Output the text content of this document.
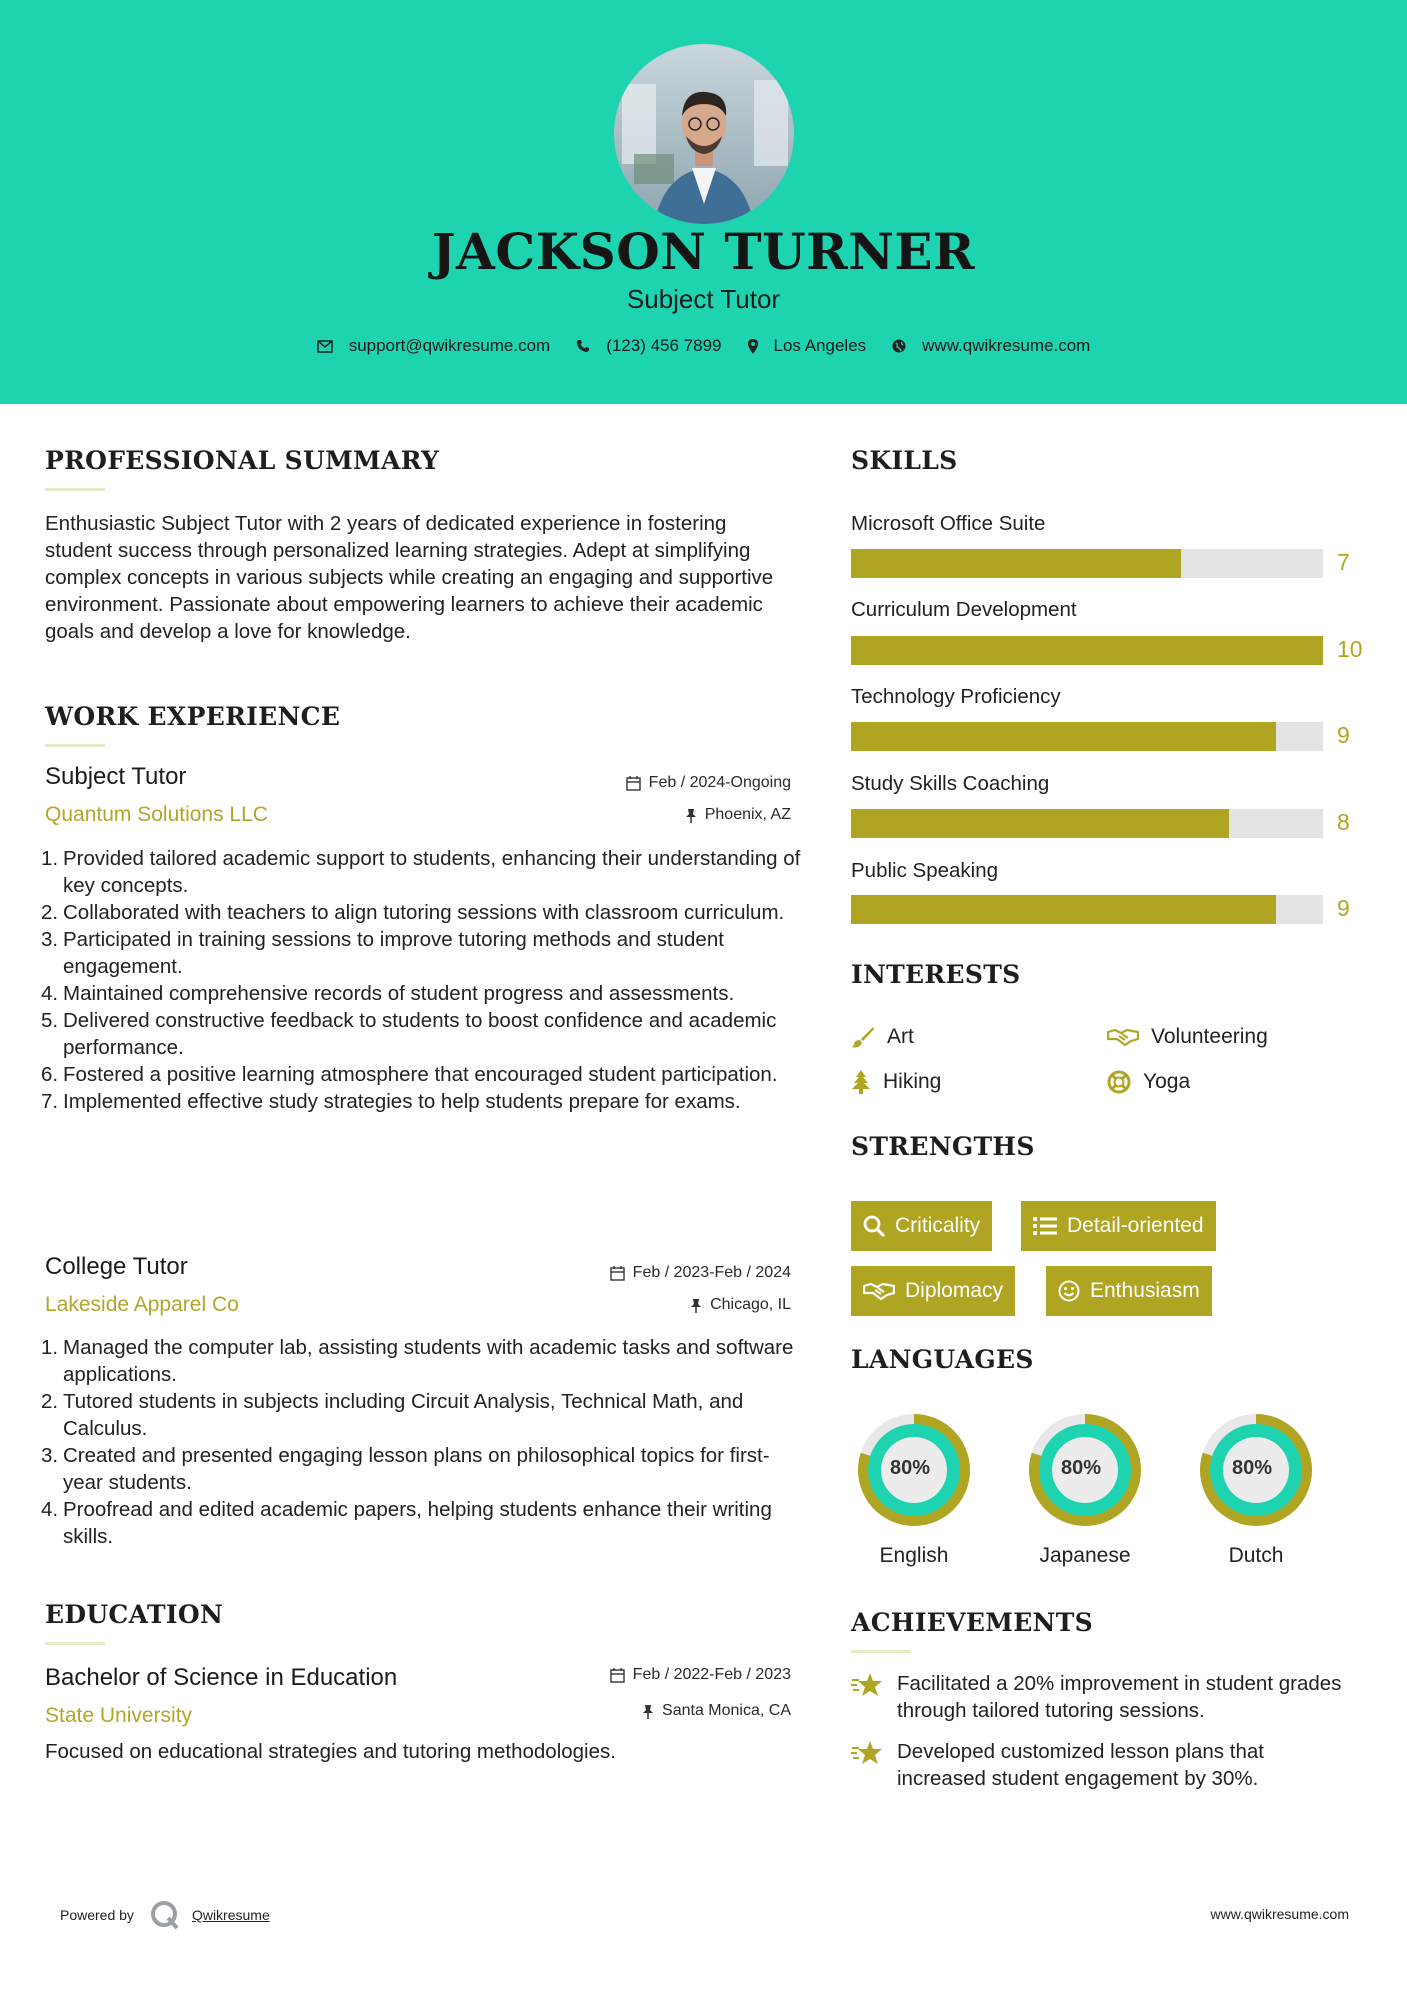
JACKSON TURNER
Subject Tutor
support@qwikresume.com	(123) 456 7899	Los Angeles	www.qwikresume.com
PROFESSIONAL SUMMARY
Enthusiastic Subject Tutor with 2 years of dedicated experience in fostering student success through personalized learning strategies. Adept at simplifying complex concepts in various subjects while creating an engaging and supportive environment. Passionate about empowering learners to achieve their academic goals and develop a love for knowledge.
WORK EXPERIENCE
Subject Tutor
Quantum Solutions LLC
Feb / 2024-Ongoing
Phoenix, AZ
1. Provided tailored academic support to students, enhancing their understanding of key concepts.
2. Collaborated with teachers to align tutoring sessions with classroom curriculum.
3. Participated in training sessions to improve tutoring methods and student engagement.
4. Maintained comprehensive records of student progress and assessments.
5. Delivered constructive feedback to students to boost confidence and academic performance.
6. Fostered a positive learning atmosphere that encouraged student participation.
7. Implemented effective study strategies to help students prepare for exams.
College Tutor
Lakeside Apparel Co
Feb / 2023-Feb / 2024
Chicago, IL
1. Managed the computer lab, assisting students with academic tasks and software applications.
2. Tutored students in subjects including Circuit Analysis, Technical Math, and Calculus.
3. Created and presented engaging lesson plans on philosophical topics for first-year students.
4. Proofread and edited academic papers, helping students enhance their writing skills.
EDUCATION
Bachelor of Science in Education
State University
Feb / 2022-Feb / 2023
Santa Monica, CA
Focused on educational strategies and tutoring methodologies.
SKILLS
Microsoft Office Suite
7
Curriculum Development
10
Technology Proficiency
9
Study Skills Coaching
8
Public Speaking
9
INTERESTS
Art	Volunteering
Hiking	Yoga
STRENGTHS
Criticality	Detail-oriented
Diplomacy	Enthusiasm
LANGUAGES
80%
English
80%
Japanese
80%
Dutch
ACHIEVEMENTS
Facilitated a 20% improvement in student grades through tailored tutoring sessions.
Developed customized lesson plans that increased student engagement by 30%.
Powered by	Qwikresume	www.qwikresume.com
